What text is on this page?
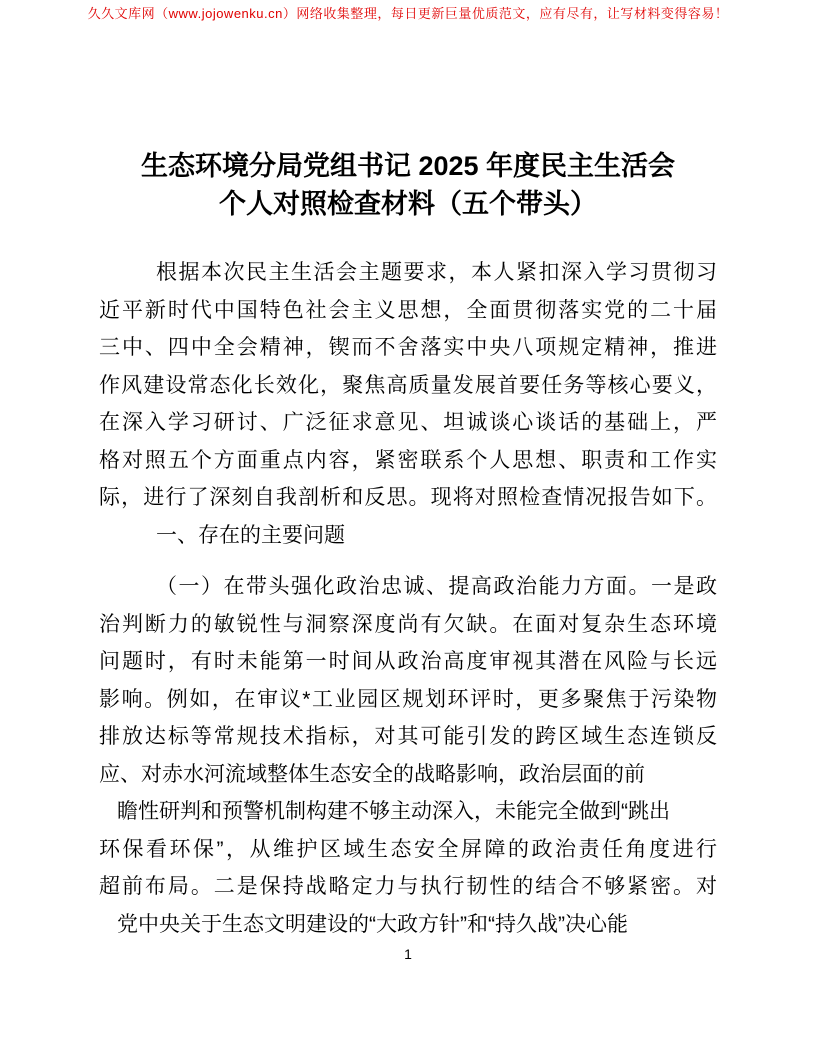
久久文库网（www.jojowenku.cn）网络收集整理，每日更新巨量优质范文，应有尽有，让写材料变得容易！
生态环境分局党组书记 2025 年度民主生活会
个人对照检查材料（五个带头）
根据本次民主生活会主题要求，本人紧扣深入学习贯彻习
近平新时代中国特色社会主义思想，全面贯彻落实党的二十届
三中、四中全会精神，锲而不舍落实中央八项规定精神，推进
作风建设常态化长效化，聚焦高质量发展首要任务等核心要义，
在深入学习研讨、广泛征求意见、坦诚谈心谈话的基础上，严
格对照五个方面重点内容，紧密联系个人思想、职责和工作实
际，进行了深刻自我剖析和反思。现将对照检查情况报告如下。
一、存在的主要问题
（一）在带头强化政治忠诚、提高政治能力方面。一是政
治判断力的敏锐性与洞察深度尚有欠缺。在面对复杂生态环境
问题时，有时未能第一时间从政治高度审视其潜在风险与长远
影响。例如，在审议*工业园区规划环评时，更多聚焦于污染物
排放达标等常规技术指标，对其可能引发的跨区域生态连锁反
应、对赤水河流域整体生态安全的战略影响，政治层面的前
瞻性研判和预警机制构建不够主动深入，未能完全做到“跳出
环保看环保”，从维护区域生态安全屏障的政治责任角度进行
超前布局。二是保持战略定力与执行韧性的结合不够紧密。对
党中央关于生态文明建设的“大政方针”和“持久战”决心能
1
